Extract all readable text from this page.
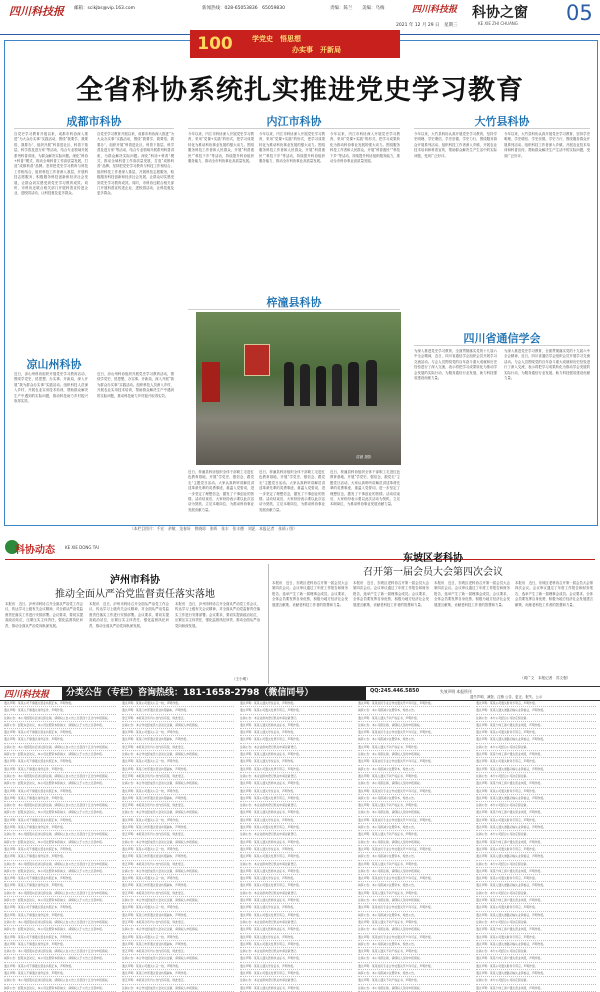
四川科技报 邮箱：scikjbs@vip.163.com	新闻热线：028-65053836　65059830	责编：陈兰 美编：乌梅
2021 年 12 月 29 日　星期三
四川科技报 科协之窗
KE XIE ZHI CHUANG 05
100	学党史　悟思想
办实事　开新局
全省科协系统扎实推进党史学习教育
成都市科协
自党史学习教育开展以来，成都市科协深入推进“为大众办实事”实践活动，围绕“我要学、我要悟、我要办”，组织开展“科普进社区、科普下基层、科学普及进万家”等活动，结合专业领域开展系列科普讲座，为群众解决实际问题。深化“科协+科普”模式，推动全域科普工作高质量发展，打造“成都科普”品牌。坚持把党史学习教育与科技工作相结合，组织科技工作者深入基层，开展科技志愿服务，积极服务科技创新和经济社会发展，让群众切实感受到党史学习教育成效。同时，市科协还联合相关部门开展科普宣传进企业、进校园活动，让科技惠及更多群众。
自党史学习教育开展以来，成都市科协深入推进“为大众办实事”实践活动，围绕“我要学、我要悟、我要办”，组织开展“科普进社区、科普下基层、科学普及进万家”等活动，结合专业领域开展系列科普讲座，为群众解决实际问题。深化“科协+科普”模式，推动全域科普工作高质量发展，打造“成都科普”品牌。坚持把党史学习教育与科技工作相结合，组织科技工作者深入基层，开展科技志愿服务，积极服务科技创新和经济社会发展，让群众切实感受到党史学习教育成效。同时，市科协还联合相关部门开展科普宣传进企业、进校园活动，让科技惠及更多群众。
凉山州科协
近日，凉山州科协组织开展党史学习教育活动，围绕学党史、悟思想、办实事、开新局，深入开展“我为群众办实事”实践活动。组织科技人员深入乡村，开展农业实用技术培训，帮助群众解决生产中遇到的实际问题，推动科技助力乡村振兴取得实效。
近日，凉山州科协组织开展党史学习教育活动，围绕学党史、悟思想、办实事、开新局，深入开展“我为群众办实事”实践活动。组织科技人员深入乡村，开展农业实用技术培训，帮助群众解决生产中遇到的实际问题，推动科技助力乡村振兴取得实效。
内江市科协
今年以来，内江市科协深入开展党史学习教育，采用“党课+实践”的形式，把学习成果转化为推动科协事业发展的强大动力。围绕服务科技工作者和人民群众，开展“科普惠民”“科技下乡”等活动，持续提升科协组织服务能力，推动全市科协事业高质量发展。
今年以来，内江市科协深入开展党史学习教育，采用“党课+实践”的形式，把学习成果转化为推动科协事业发展的强大动力。围绕服务科技工作者和人民群众，开展“科普惠民”“科技下乡”等活动，持续提升科协组织服务能力，推动全市科协事业高质量发展。
今年以来，内江市科协深入开展党史学习教育，采用“党课+实践”的形式，把学习成果转化为推动科协事业发展的强大动力。围绕服务科技工作者和人民群众，开展“科普惠民”“科技下乡”等活动，持续提升科协组织服务能力，推动全市科协事业高质量发展。
梓潼县科协
清涵 摄影
近日，梓潼县科协组织全体干部职工走进红色教育基地，开展“学党史、强信念、跟党走”主题党日活动。大家认真聆听讲解员讲述革命先辈的英勇事迹，重温入党誓词，进一步坚定了理想信念，激发了干事创业的热情。活动结束后，大家纷纷表示要以此次活动为契机，立足本职岗位，为推动科协事业发展贡献力量。
近日，梓潼县科协组织全体干部职工走进红色教育基地，开展“学党史、强信念、跟党走”主题党日活动。大家认真聆听讲解员讲述革命先辈的英勇事迹，重温入党誓词，进一步坚定了理想信念，激发了干事创业的热情。活动结束后，大家纷纷表示要以此次活动为契机，立足本职岗位，为推动科协事业发展贡献力量。
近日，梓潼县科协组织全体干部职工走进红色教育基地，开展“学党史、强信念、跟党走”主题党日活动。大家认真聆听讲解员讲述革命先辈的英勇事迹，重温入党誓词，进一步坚定了理想信念，激发了干事创业的热情。活动结束后，大家纷纷表示要以此次活动为契机，立足本职岗位，为推动科协事业发展贡献力量。
大竹县科协
今年以来，大竹县科协认真开展党史学习教育，坚持学史明理、学史增信、学史崇德、学史力行，围绕服务群众开展系列活动。组织科技工作者深入乡镇，开展农业技术培训和科普宣传，帮助群众解决生产生活中的实际问题，受到广泛好评。
今年以来，大竹县科协认真开展党史学习教育，坚持学史明理、学史增信、学史崇德、学史力行，围绕服务群众开展系列活动。组织科技工作者深入乡镇，开展农业技术培训和科普宣传，帮助群众解决生产生活中的实际问题，受到广泛好评。
四川省通信学会
为深入推进党史学习教育，全面贯彻落实党的十九届六中全会精神，近日，四川省通信学会组织会员开展学习交流活动。与会人员围绕党的百年奋斗重大成就和历史经验进行了深入交流，表示将把学习成果转化为推动学会发展的实际行动，为服务通信行业发展、助力科技强省建设贡献力量。
为深入推进党史学习教育，全面贯彻落实党的十九届六中全会精神，近日，四川省通信学会组织会员开展学习交流活动。与会人员围绕党的百年奋斗重大成就和历史经验进行了深入交流，表示将把学习成果转化为推动学会发展的实际行动，为服务通信行业发展、助力科技强省建设贡献力量。
（本栏目图片：千宏　余敏　龙春轩　曾晓琼　张晖　张丰　张丰德　刘泥　本报记者　张靖 / 图）
科协动态	KE XIE DONG TAI
泸州市科协
推动全面从严治党监督责任落实落地
本报讯　近日，泸州市科协召开全面从严治党工作会议，传达学习上级有关会议精神，对全面从严治党监督责任落实工作进行安排部署。会议要求，要切实提高政治站位，压紧压实主体责任，强化监督执纪问责，推动全面从严治党向纵深发展。
本报讯　近日，泸州市科协召开全面从严治党工作会议，传达学习上级有关会议精神，对全面从严治党监督责任落实工作进行安排部署。会议要求，要切实提高政治站位，压紧压实主体责任，强化监督执纪问责，推动全面从严治党向纵深发展。
本报讯　近日，泸州市科协召开全面从严治党工作会议，传达学习上级有关会议精神，对全面从严治党监督责任落实工作进行安排部署。会议要求，要切实提高政治站位，压紧压实主体责任，强化监督执纪问责，推动全面从严治党向纵深发展。
（王小明）
东坡区老科协
召开第一届会员大会第四次会议
本报讯　近日，东坡区老科协召开第一届会员大会第四次会议。会议审议通过了年度工作报告和财务报告，选举产生了新一届理事会成员。会议要求，全体会员要发挥自身优势，积极为地方经济社会发展建言献策，贡献老科技工作者的智慧和力量。
本报讯　近日，东坡区老科协召开第一届会员大会第四次会议。会议审议通过了年度工作报告和财务报告，选举产生了新一届理事会成员。会议要求，全体会员要发挥自身优势，积极为地方经济社会发展建言献策，贡献老科技工作者的智慧和力量。
本报讯　近日，东坡区老科协召开第一届会员大会第四次会议。会议审议通过了年度工作报告和财务报告，选举产生了新一届理事会成员。会议要求，全体会员要发挥自身优势，积极为地方经济社会发展建言献策，贡献老科技工作者的智慧和力量。
本报讯　近日，东坡区老科协召开第一届会员大会第四次会议。会议审议通过了年度工作报告和财务报告，选举产生了新一届理事会成员。会议要求，全体会员要发挥自身优势，积极为地方经济社会发展建言献策，贡献老科技工作者的智慧和力量。
（周广文　本报记者　苏文强）
四川科技报	分类公告（专栏）咨询热线：181-1658-2798（微信同号）	QQ:245.446.5850	失效声明 本报所刊
遗失声明、减资、注销 公告、更正、报失、公示
遗失声明：某某公司不慎遗失营业执照正本，声明作废。
遗失声明：某某人不慎遗失身份证件，声明作废。
注销公告：本公司经股东会决议拟注销，请债权人自公告之日起四十五日内申报债权。
减资公告：经股东会决议，本公司注册资本拟减少，请债权人于公告之日起申报。
遗失声明：某某公司不慎遗失营业执照正本，声明作废。
遗失声明：某某人不慎遗失身份证件，声明作废。
注销公告：本公司经股东会决议拟注销，请债权人自公告之日起四十五日内申报债权。
减资公告：经股东会决议，本公司注册资本拟减少，请债权人于公告之日起申报。
遗失声明：某某公司不慎遗失营业执照正本，声明作废。
遗失声明：某某人不慎遗失身份证件，声明作废。
注销公告：本公司经股东会决议拟注销，请债权人自公告之日起四十五日内申报债权。
减资公告：经股东会决议，本公司注册资本拟减少，请债权人于公告之日起申报。
遗失声明：某某公司不慎遗失营业执照正本，声明作废。
遗失声明：某某人不慎遗失身份证件，声明作废。
注销公告：本公司经股东会决议拟注销，请债权人自公告之日起四十五日内申报债权。
减资公告：经股东会决议，本公司注册资本拟减少，请债权人于公告之日起申报。
遗失声明：某某公司不慎遗失营业执照正本，声明作废。
遗失声明：某某人不慎遗失身份证件，声明作废。
注销公告：本公司经股东会决议拟注销，请债权人自公告之日起四十五日内申报债权。
减资公告：经股东会决议，本公司注册资本拟减少，请债权人于公告之日起申报。
遗失声明：某某公司不慎遗失营业执照正本，声明作废。
遗失声明：某某人不慎遗失身份证件，声明作废。
注销公告：本公司经股东会决议拟注销，请债权人自公告之日起四十五日内申报债权。
减资公告：经股东会决议，本公司注册资本拟减少，请债权人于公告之日起申报。
遗失声明：某某公司不慎遗失营业执照正本，声明作废。
遗失声明：某某人不慎遗失身份证件，声明作废。
注销公告：本公司经股东会决议拟注销，请债权人自公告之日起四十五日内申报债权。
减资公告：经股东会决议，本公司注册资本拟减少，请债权人于公告之日起申报。
遗失声明：某某公司不慎遗失营业执照正本，声明作废。
遗失声明：某某人不慎遗失身份证件，声明作废。
注销公告：本公司经股东会决议拟注销，请债权人自公告之日起四十五日内申报债权。
减资公告：经股东会决议，本公司注册资本拟减少，请债权人于公告之日起申报。
遗失声明：某某公司不慎遗失营业执照正本，声明作废。
遗失声明：某某人不慎遗失身份证件，声明作废。
注销公告：本公司经股东会决议拟注销，请债权人自公告之日起四十五日内申报债权。
减资公告：经股东会决议，本公司注册资本拟减少，请债权人于公告之日起申报。
遗失声明：某某公司不慎遗失营业执照正本，声明作废。
遗失声明：某某人不慎遗失身份证件，声明作废。
注销公告：本公司经股东会决议拟注销，请债权人自公告之日起四十五日内申报债权。
减资公告：经股东会决议，本公司注册资本拟减少，请债权人于公告之日起申报。
遗失声明：某某公司遗失公章一枚，声明作废。
遗失声明：某某门市部遗失营业执照副本，声明作废。
更正声明：本报某日所刊公告内容有误，特此更正。
注销公告：本合作社经成员大会决议注销，请债权人申报债权。
遗失声明：某某公司遗失公章一枚，声明作废。
遗失声明：某某门市部遗失营业执照副本，声明作废。
更正声明：本报某日所刊公告内容有误，特此更正。
注销公告：本合作社经成员大会决议注销，请债权人申报债权。
遗失声明：某某公司遗失公章一枚，声明作废。
遗失声明：某某门市部遗失营业执照副本，声明作废。
更正声明：本报某日所刊公告内容有误，特此更正。
注销公告：本合作社经成员大会决议注销，请债权人申报债权。
遗失声明：某某公司遗失公章一枚，声明作废。
遗失声明：某某门市部遗失营业执照副本，声明作废。
更正声明：本报某日所刊公告内容有误，特此更正。
注销公告：本合作社经成员大会决议注销，请债权人申报债权。
遗失声明：某某公司遗失公章一枚，声明作废。
遗失声明：某某门市部遗失营业执照副本，声明作废。
更正声明：本报某日所刊公告内容有误，特此更正。
注销公告：本合作社经成员大会决议注销，请债权人申报债权。
遗失声明：某某公司遗失公章一枚，声明作废。
遗失声明：某某门市部遗失营业执照副本，声明作废。
更正声明：本报某日所刊公告内容有误，特此更正。
注销公告：本合作社经成员大会决议注销，请债权人申报债权。
遗失声明：某某公司遗失公章一枚，声明作废。
遗失声明：某某门市部遗失营业执照副本，声明作废。
更正声明：本报某日所刊公告内容有误，特此更正。
注销公告：本合作社经成员大会决议注销，请债权人申报债权。
遗失声明：某某公司遗失公章一枚，声明作废。
遗失声明：某某门市部遗失营业执照副本，声明作废。
更正声明：本报某日所刊公告内容有误，特此更正。
注销公告：本合作社经成员大会决议注销，请债权人申报债权。
遗失声明：某某公司遗失公章一枚，声明作废。
遗失声明：某某门市部遗失营业执照副本，声明作废。
更正声明：本报某日所刊公告内容有误，特此更正。
注销公告：本合作社经成员大会决议注销，请债权人申报债权。
遗失声明：某某公司遗失公章一枚，声明作废。
遗失声明：某某门市部遗失营业执照副本，声明作废。
更正声明：本报某日所刊公告内容有误，特此更正。
注销公告：本合作社经成员大会决议注销，请债权人申报债权。
遗失声明：某某人遗失学位证书，声明作废。
遗失声明：某某公司遗失发票专用章，声明作废。
注销公告：本企业拟向登记机关申请注销登记。
遗失声明：某某人遗失医师执业证书，声明作废。
遗失声明：某某人遗失学位证书，声明作废。
遗失声明：某某公司遗失发票专用章，声明作废。
注销公告：本企业拟向登记机关申请注销登记。
遗失声明：某某人遗失医师执业证书，声明作废。
遗失声明：某某人遗失学位证书，声明作废。
遗失声明：某某公司遗失发票专用章，声明作废。
注销公告：本企业拟向登记机关申请注销登记。
遗失声明：某某人遗失医师执业证书，声明作废。
遗失声明：某某人遗失学位证书，声明作废。
遗失声明：某某公司遗失发票专用章，声明作废。
注销公告：本企业拟向登记机关申请注销登记。
遗失声明：某某人遗失医师执业证书，声明作废。
遗失声明：某某人遗失学位证书，声明作废。
遗失声明：某某公司遗失发票专用章，声明作废。
注销公告：本企业拟向登记机关申请注销登记。
遗失声明：某某人遗失医师执业证书，声明作废。
遗失声明：某某人遗失学位证书，声明作废。
遗失声明：某某公司遗失发票专用章，声明作废。
注销公告：本企业拟向登记机关申请注销登记。
遗失声明：某某人遗失医师执业证书，声明作废。
遗失声明：某某人遗失学位证书，声明作废。
遗失声明：某某公司遗失发票专用章，声明作废。
注销公告：本企业拟向登记机关申请注销登记。
遗失声明：某某人遗失医师执业证书，声明作废。
遗失声明：某某人遗失学位证书，声明作废。
遗失声明：某某公司遗失发票专用章，声明作废。
注销公告：本企业拟向登记机关申请注销登记。
遗失声明：某某人遗失医师执业证书，声明作废。
遗失声明：某某人遗失学位证书，声明作废。
遗失声明：某某公司遗失发票专用章，声明作废。
注销公告：本企业拟向登记机关申请注销登记。
遗失声明：某某人遗失医师执业证书，声明作废。
遗失声明：某某人遗失学位证书，声明作废。
遗失声明：某某公司遗失发票专用章，声明作废。
注销公告：本企业拟向登记机关申请注销登记。
遗失声明：某某人遗失医师执业证书，声明作废。
遗失声明：某某农民专业合作社遗失开户许可证，声明作废。
减资公告：本公司拟减少注册资本，特此公告。
遗失声明：某某人遗失不动产权证书，声明作废。
注销公告：本公司拟注销，请债权人及时申报债权。
遗失声明：某某农民专业合作社遗失开户许可证，声明作废。
减资公告：本公司拟减少注册资本，特此公告。
遗失声明：某某人遗失不动产权证书，声明作废。
注销公告：本公司拟注销，请债权人及时申报债权。
遗失声明：某某农民专业合作社遗失开户许可证，声明作废。
减资公告：本公司拟减少注册资本，特此公告。
遗失声明：某某人遗失不动产权证书，声明作废。
注销公告：本公司拟注销，请债权人及时申报债权。
遗失声明：某某农民专业合作社遗失开户许可证，声明作废。
减资公告：本公司拟减少注册资本，特此公告。
遗失声明：某某人遗失不动产权证书，声明作废。
注销公告：本公司拟注销，请债权人及时申报债权。
遗失声明：某某农民专业合作社遗失开户许可证，声明作废。
减资公告：本公司拟减少注册资本，特此公告。
遗失声明：某某人遗失不动产权证书，声明作废。
注销公告：本公司拟注销，请债权人及时申报债权。
遗失声明：某某农民专业合作社遗失开户许可证，声明作废。
减资公告：本公司拟减少注册资本，特此公告。
遗失声明：某某人遗失不动产权证书，声明作废。
注销公告：本公司拟注销，请债权人及时申报债权。
遗失声明：某某农民专业合作社遗失开户许可证，声明作废。
减资公告：本公司拟减少注册资本，特此公告。
遗失声明：某某人遗失不动产权证书，声明作废。
注销公告：本公司拟注销，请债权人及时申报债权。
遗失声明：某某农民专业合作社遗失开户许可证，声明作废。
减资公告：本公司拟减少注册资本，特此公告。
遗失声明：某某人遗失不动产权证书，声明作废。
注销公告：本公司拟注销，请债权人及时申报债权。
遗失声明：某某农民专业合作社遗失开户许可证，声明作废。
减资公告：本公司拟减少注册资本，特此公告。
遗失声明：某某人遗失不动产权证书，声明作废。
注销公告：本公司拟注销，请债权人及时申报债权。
遗失声明：某某农民专业合作社遗失开户许可证，声明作废。
减资公告：本公司拟减少注册资本，特此公告。
遗失声明：某某人遗失不动产权证书，声明作废。
注销公告：本公司拟注销，请债权人及时申报债权。
遗失声明：某某公司遗失财务专用章，声明作废。
遗失声明：某某人遗失道路运输从业资格证，声明作废。
注销公告：本分公司经总公司决定拟注销。
遗失声明：某某个体工商户遗失营业执照，声明作废。
遗失声明：某某公司遗失财务专用章，声明作废。
遗失声明：某某人遗失道路运输从业资格证，声明作废。
注销公告：本分公司经总公司决定拟注销。
遗失声明：某某个体工商户遗失营业执照，声明作废。
遗失声明：某某公司遗失财务专用章，声明作废。
遗失声明：某某人遗失道路运输从业资格证，声明作废。
注销公告：本分公司经总公司决定拟注销。
遗失声明：某某个体工商户遗失营业执照，声明作废。
遗失声明：某某公司遗失财务专用章，声明作废。
遗失声明：某某人遗失道路运输从业资格证，声明作废。
注销公告：本分公司经总公司决定拟注销。
遗失声明：某某个体工商户遗失营业执照，声明作废。
遗失声明：某某公司遗失财务专用章，声明作废。
遗失声明：某某人遗失道路运输从业资格证，声明作废。
注销公告：本分公司经总公司决定拟注销。
遗失声明：某某个体工商户遗失营业执照，声明作废。
遗失声明：某某公司遗失财务专用章，声明作废。
遗失声明：某某人遗失道路运输从业资格证，声明作废。
注销公告：本分公司经总公司决定拟注销。
遗失声明：某某个体工商户遗失营业执照，声明作废。
遗失声明：某某公司遗失财务专用章，声明作废。
遗失声明：某某人遗失道路运输从业资格证，声明作废。
注销公告：本分公司经总公司决定拟注销。
遗失声明：某某个体工商户遗失营业执照，声明作废。
遗失声明：某某公司遗失财务专用章，声明作废。
遗失声明：某某人遗失道路运输从业资格证，声明作废。
注销公告：本分公司经总公司决定拟注销。
遗失声明：某某个体工商户遗失营业执照，声明作废。
遗失声明：某某公司遗失财务专用章，声明作废。
遗失声明：某某人遗失道路运输从业资格证，声明作废。
注销公告：本分公司经总公司决定拟注销。
遗失声明：某某个体工商户遗失营业执照，声明作废。
遗失声明：某某公司遗失财务专用章，声明作废。
遗失声明：某某人遗失道路运输从业资格证，声明作废。
注销公告：本分公司经总公司决定拟注销。
遗失声明：某某个体工商户遗失营业执照，声明作废。
